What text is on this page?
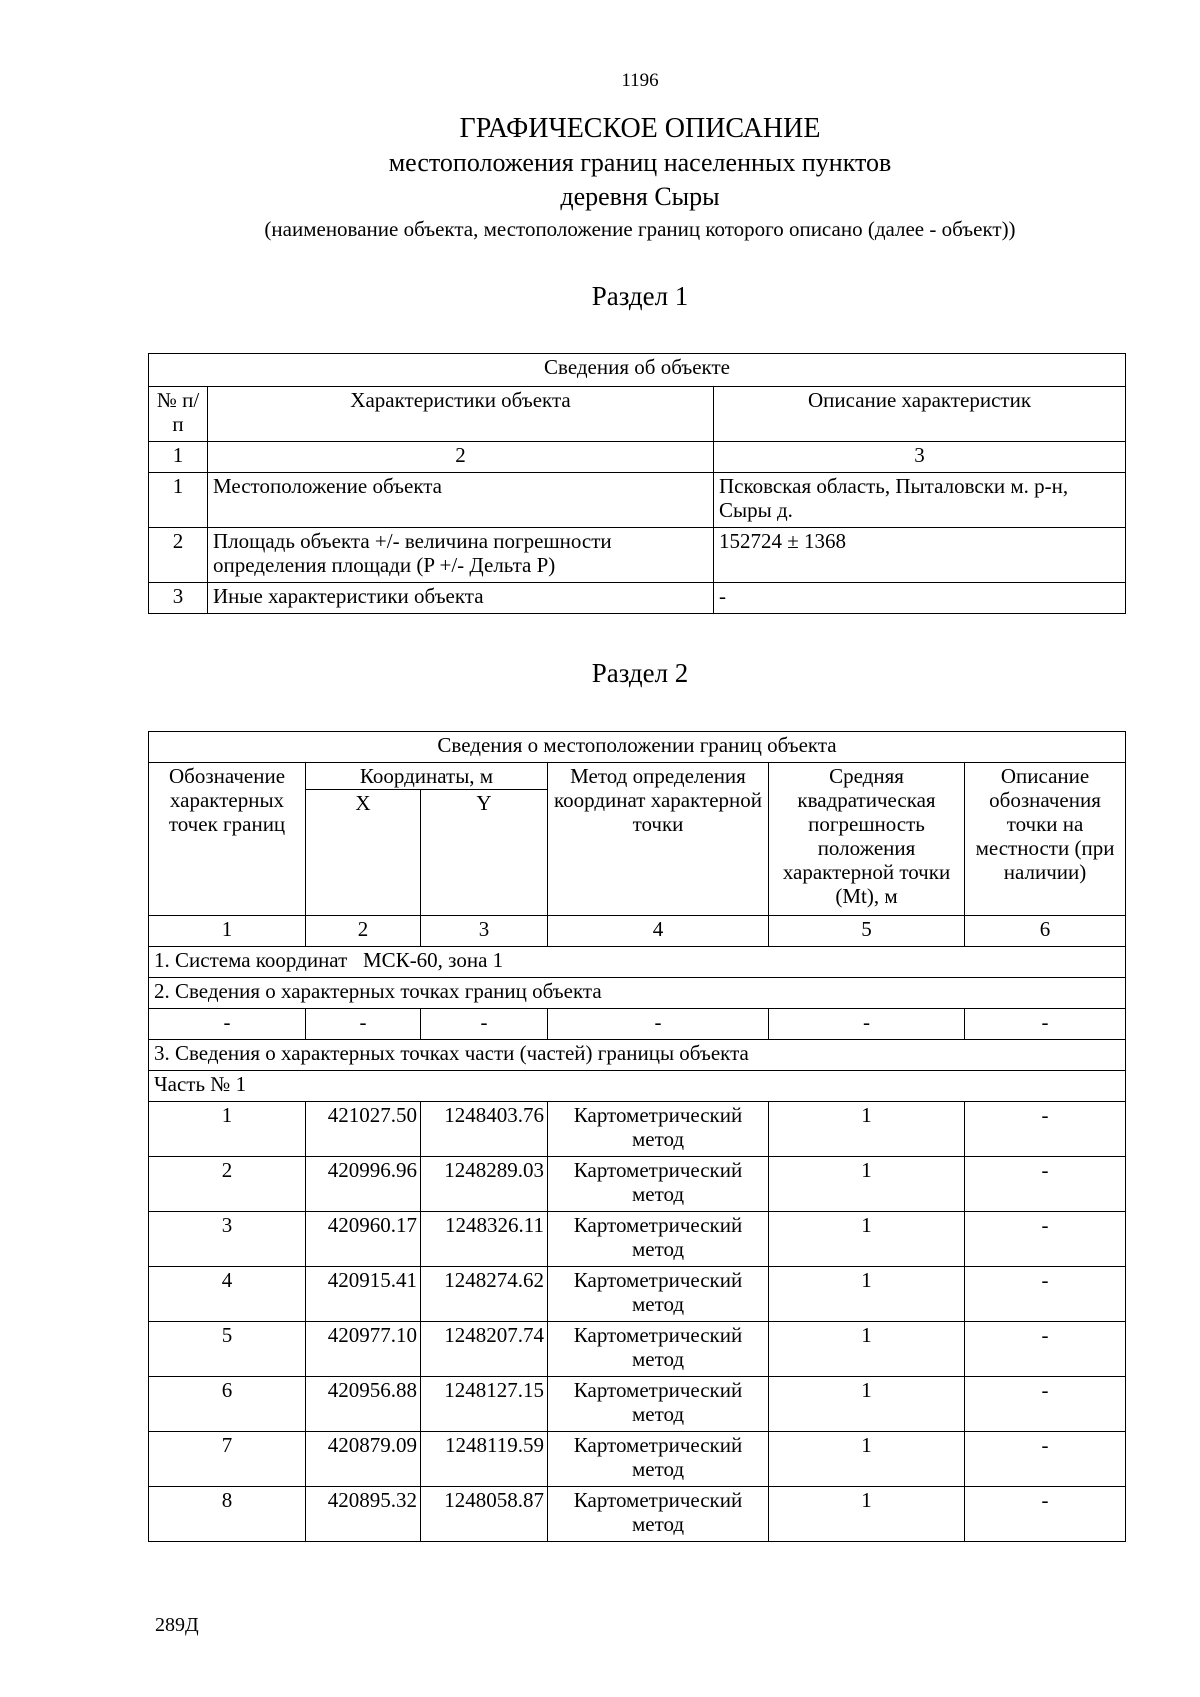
1196
ГРАФИЧЕСКОЕ ОПИСАНИЕ
местоположения границ населенных пунктов
деревня Сыры
(наименование объекта, местоположение границ которого описано (далее - объект))
Раздел 1
Сведения об объекте		
№ п/п	Характеристики объекта	Описание характеристик
1	2	3
1	Местоположение объекта	Псковская область, Пыталовски м. р-н, Сыры д.
2	Площадь объекта +/- величина погрешности определения площади (P +/- Дельта P)	152724 ± 1368
3	Иные характеристики объекта	-
Раздел 2
Сведения о местоположении границ объекта					
Обозначение характерных точек границ	Координаты, м		Метод определения координат характерной точки	Средняя квадратическая погрешность положения характерной точки (Mt), м	Описание обозначения точки на местности (при наличии)
	X	Y			
1	2	3	4	5	6
1. Система координат   МСК-60, зона 1					
2. Сведения о характерных точках границ объекта					
-	-	-	-	-	-
3. Сведения о характерных точках части (частей) границы объекта					
Часть № 1					
1	421027.50	1248403.76	Картометрический метод	1	-
2	420996.96	1248289.03	Картометрический метод	1	-
3	420960.17	1248326.11	Картометрический метод	1	-
4	420915.41	1248274.62	Картометрический метод	1	-
5	420977.10	1248207.74	Картометрический метод	1	-
6	420956.88	1248127.15	Картометрический метод	1	-
7	420879.09	1248119.59	Картометрический метод	1	-
8	420895.32	1248058.87	Картометрический метод	1	-
289Д
